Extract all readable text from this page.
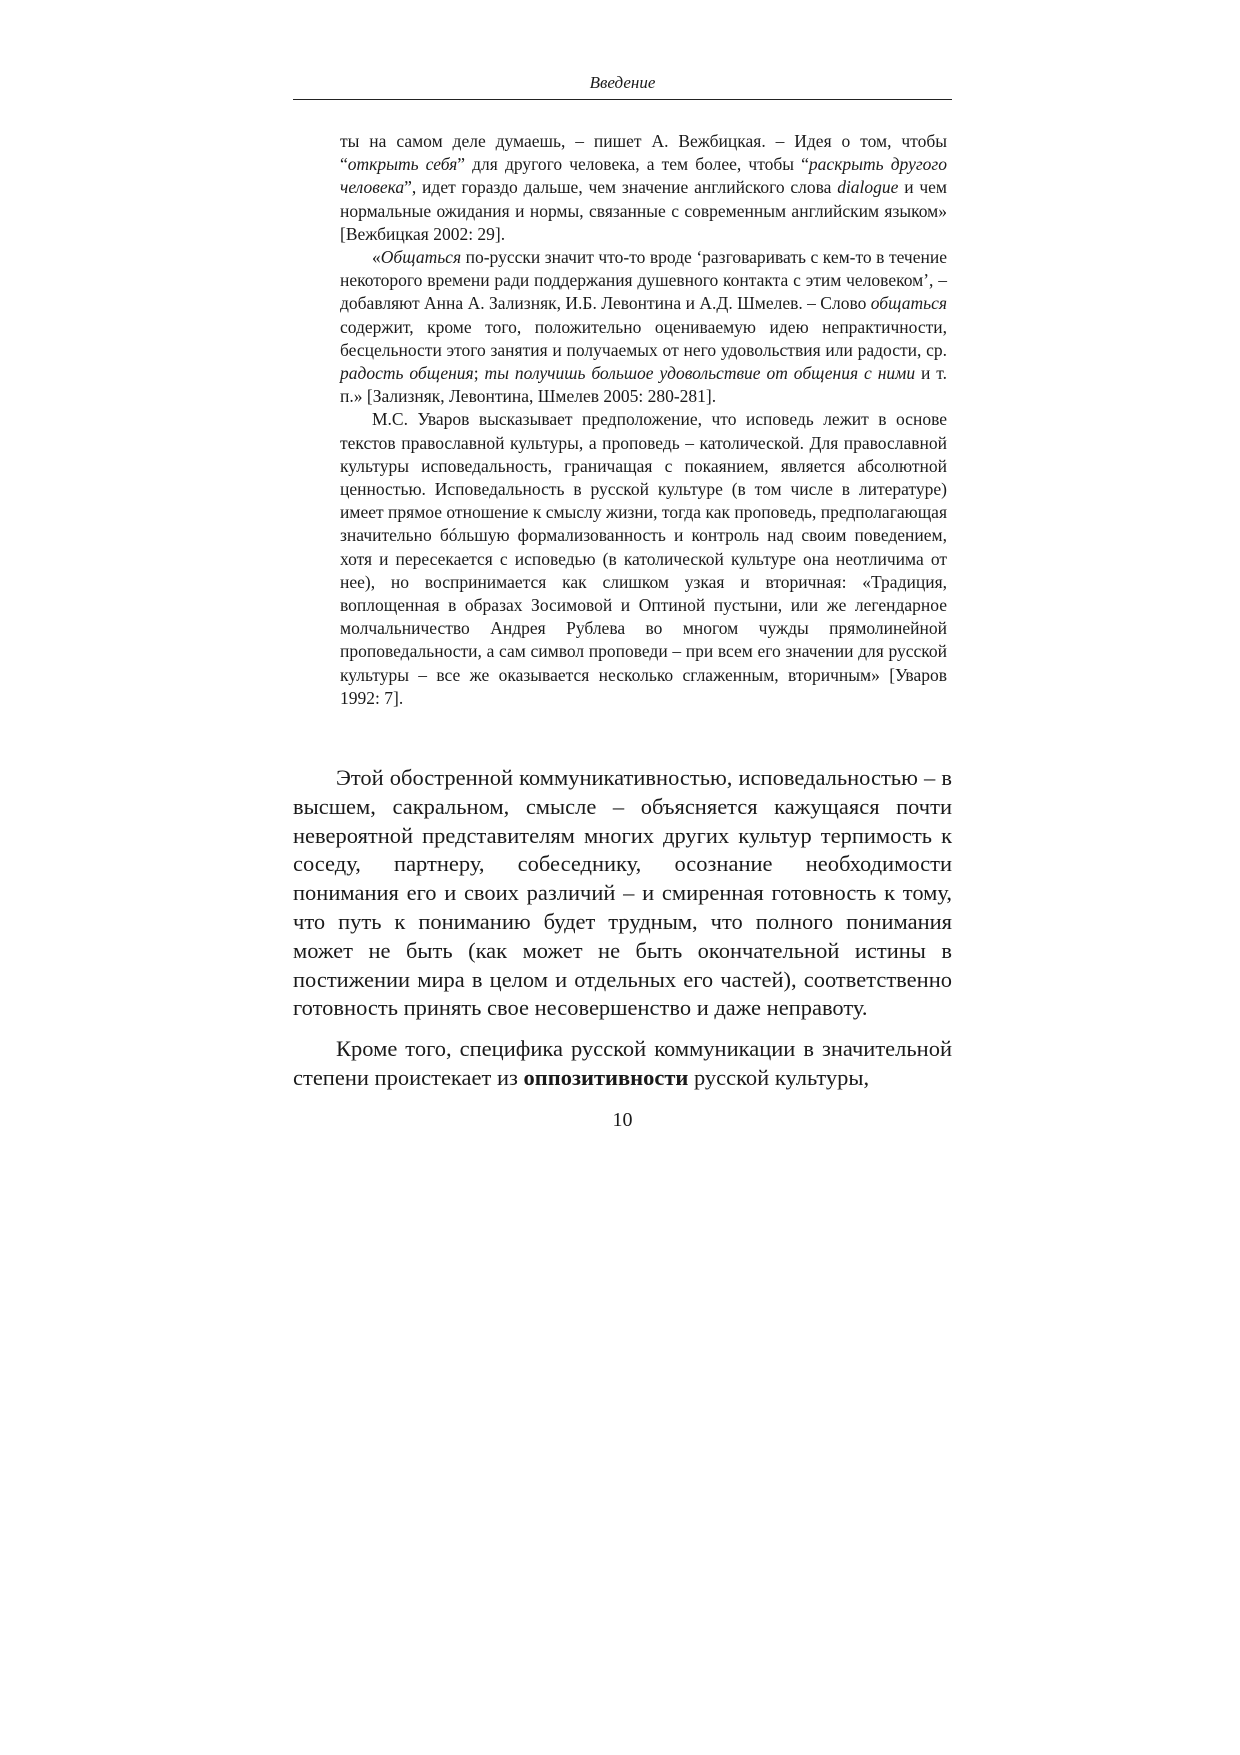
Введение

ты на самом деле думаешь, – пишет А. Вежбицкая. – Идея о том, чтобы “открыть себя” для другого человека, а тем более, чтобы “раскрыть другого человека”, идет гораздо дальше, чем значение английского слова dialogue и чем нормальные ожидания и нормы, связанные с современным английским языком» [Вежбицкая 2002: 29].

«Общаться по-русски значит что-то вроде ‘разговаривать с кем-то в течение некоторого времени ради поддержания душевного контакта с этим человеком’, – добавляют Анна А. Зализняк, И.Б. Левонтина и А.Д. Шмелев. – Слово общаться содержит, кроме того, положительно оцениваемую идею непрактичности, бесцельности этого занятия и получаемых от него удовольствия или радости, ср. радость общения; ты получишь большое удовольствие от общения с ними и т. п.» [Зализняк, Левонтина, Шмелев 2005: 280-281].

М.С. Уваров высказывает предположение, что исповедь лежит в основе текстов православной культуры, а проповедь – католической. Для православной культуры исповедальность, граничащая с покаянием, является абсолютной ценностью. Исповедальность в русской культуре (в том числе в литературе) имеет прямое отношение к смыслу жизни, тогда как проповедь, предполагающая значительно бóльшую формализованность и контроль над своим поведением, хотя и пересекается с исповедью (в католической культуре она неотличима от нее), но воспринимается как слишком узкая и вторичная: «Традиция, воплощенная в образах Зосимовой и Оптиной пустыни, или же легендарное молчальничество Андрея Рублева во многом чужды прямолинейной проповедальности, а сам символ проповеди – при всем его значении для русской культуры – все же оказывается несколько сглаженным, вторичным» [Уваров 1992: 7].

Этой обостренной коммуникативностью, исповедальностью – в высшем, сакральном, смысле – объясняется кажущаяся почти невероятной представителям многих других культур терпимость к соседу, партнеру, собеседнику, осознание необходимости понимания его и своих различий – и смиренная готовность к тому, что путь к пониманию будет трудным, что полного понимания может не быть (как может не быть окончательной истины в постижении мира в целом и отдельных его частей), соответственно готовность принять свое несовершенство и даже неправоту.

Кроме того, специфика русской коммуникации в значительной степени проистекает из оппозитивности русской культуры,

10
